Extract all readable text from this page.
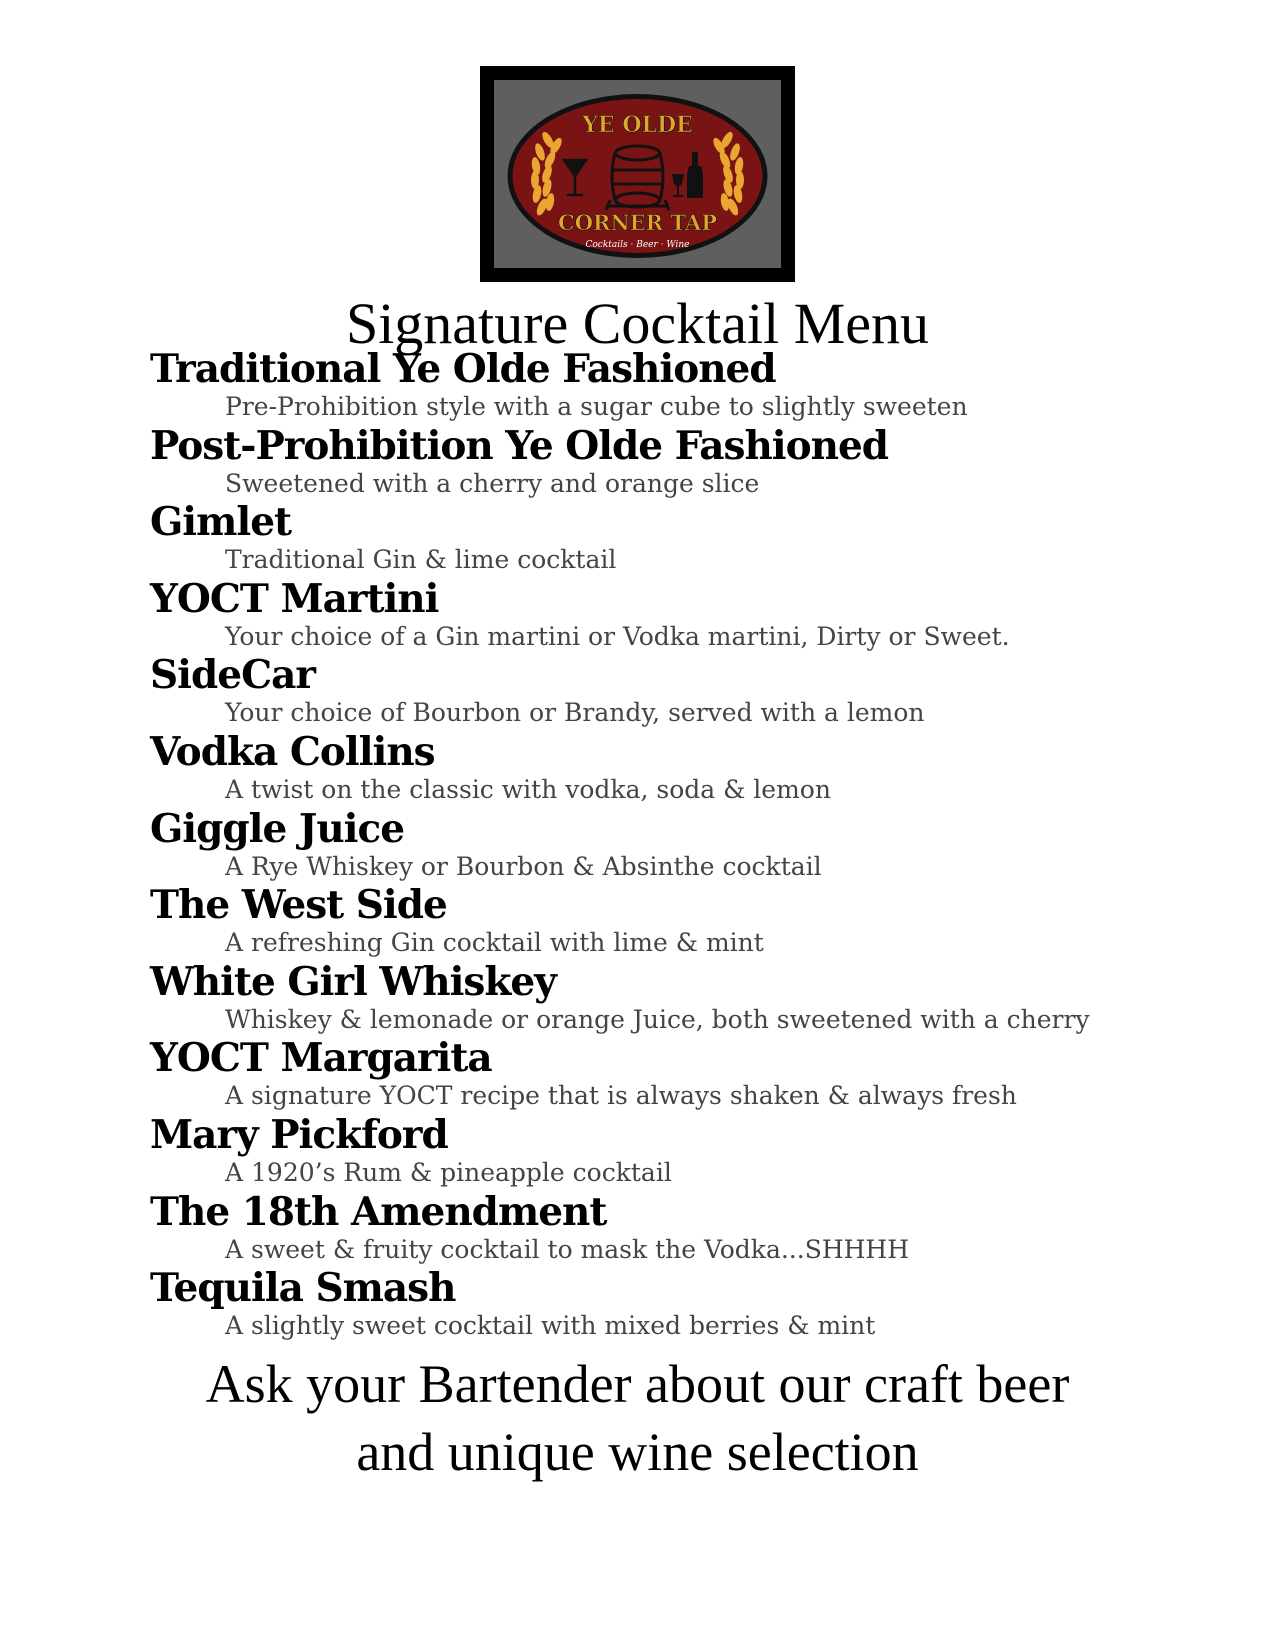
YE OLDE
CORNER TAP
Cocktails · Beer · Wine
Signature Cocktail Menu
Traditional Ye Olde Fashioned
Pre-Prohibition style with a sugar cube to slightly sweeten
Post-Prohibition Ye Olde Fashioned
Sweetened with a cherry and orange slice
Gimlet
Traditional Gin & lime cocktail
YOCT Martini
Your choice of a Gin martini or Vodka martini, Dirty or Sweet.
SideCar
Your choice of Bourbon or Brandy, served with a lemon
Vodka Collins
A twist on the classic with vodka, soda & lemon
Giggle Juice
A Rye Whiskey or Bourbon & Absinthe cocktail
The West Side
A refreshing Gin cocktail with lime & mint
White Girl Whiskey
Whiskey & lemonade or orange Juice, both sweetened with a cherry
YOCT Margarita
A signature YOCT recipe that is always shaken & always fresh
Mary Pickford
A 1920’s Rum & pineapple cocktail
The 18th Amendment
A sweet & fruity cocktail to mask the Vodka...SHHHH
Tequila Smash
A slightly sweet cocktail with mixed berries & mint
Ask your Bartender about our craft beer
and unique wine selection
